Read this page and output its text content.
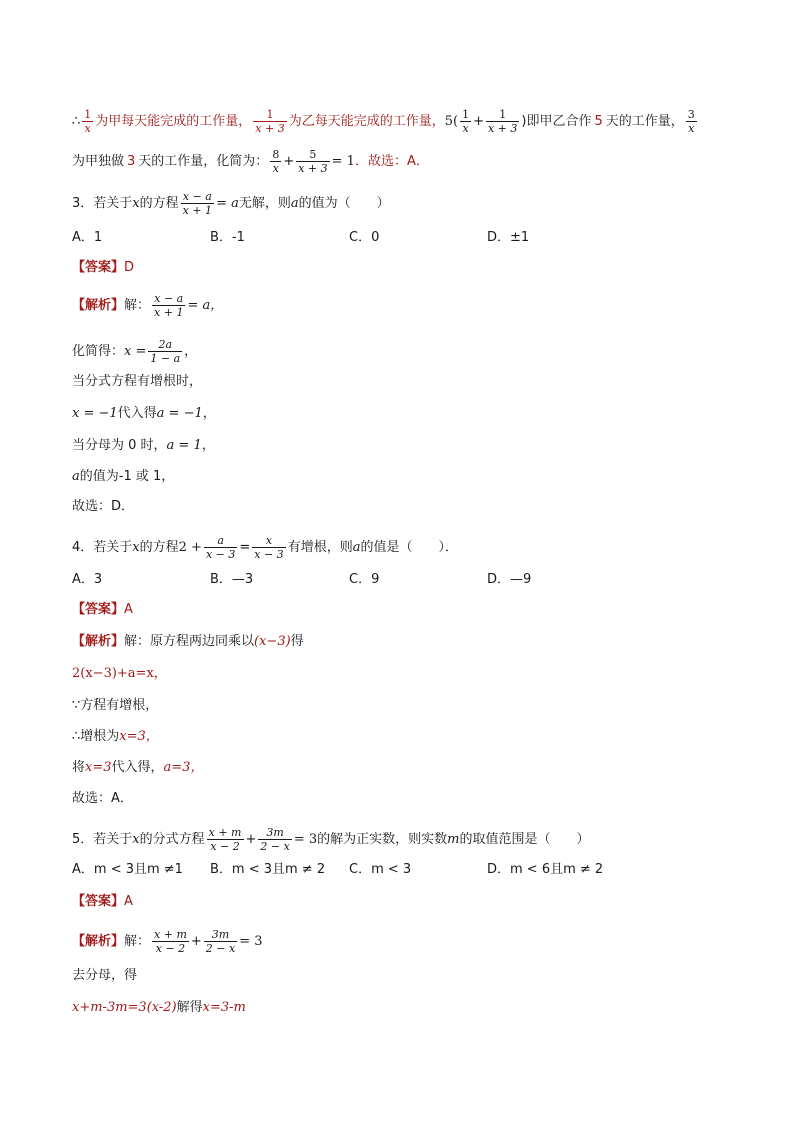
∴ $\frac{1}{x}$ 为甲每天能完成的工作量， $\frac{1}{x + 3}$ 为乙每天能完成的工作量，$5( \frac{1}{x} + \frac{1}{x + 3}$ )即甲乙合作 5 天的工作量， $\frac{3}{x}$
为甲独做 3 天的工作量，化简为： $\frac{8}{x} + \frac{5}{x + 3} = 1$．故选：A．
3．若关于x的方程 $\frac{x - a}{x + 1} = a$无解，则a的值为（　　）
A．1	B．-1	C．0	D．±1
【答案】D
【解析】解： $\frac{x - a}{x + 1} = a$，
化简得：$x = \frac{2a}{1 - a}$ ，
当分式方程有增根时，
x = −1代入得a = −1，
当分母为 0 时，a = 1，
a的值为-1 或 1，
故选：D．
4．若关于x的方程$2 + \frac{a}{x - 3} = \frac{x}{x - 3}$ 有增根，则a的值是（　　）．
A．3	B．—3	C．9	D．—9
【答案】A
【解析】解：原方程两边同乘以(x−3)得
2(x−3)+a=x，
∵方程有增根，
∴增根为x=3，
将x=3代入得，a=3，
故选：A．
5．若关于x的分式方程 $\frac{x + m}{x - 2} + \frac{3m}{2 - x} = 3$的解为正实数，则实数m的取值范围是（　　）
A．m < 3且m ≠1 B．m < 3且m ≠ 2 C．m < 3	D．m < 6且m ≠ 2
【答案】A
【解析】解： $\frac{x + m}{x - 2} + \frac{3m}{2 - x} = 3$
去分母，得
x+m-3m=3(x-2)解得x=3-m
